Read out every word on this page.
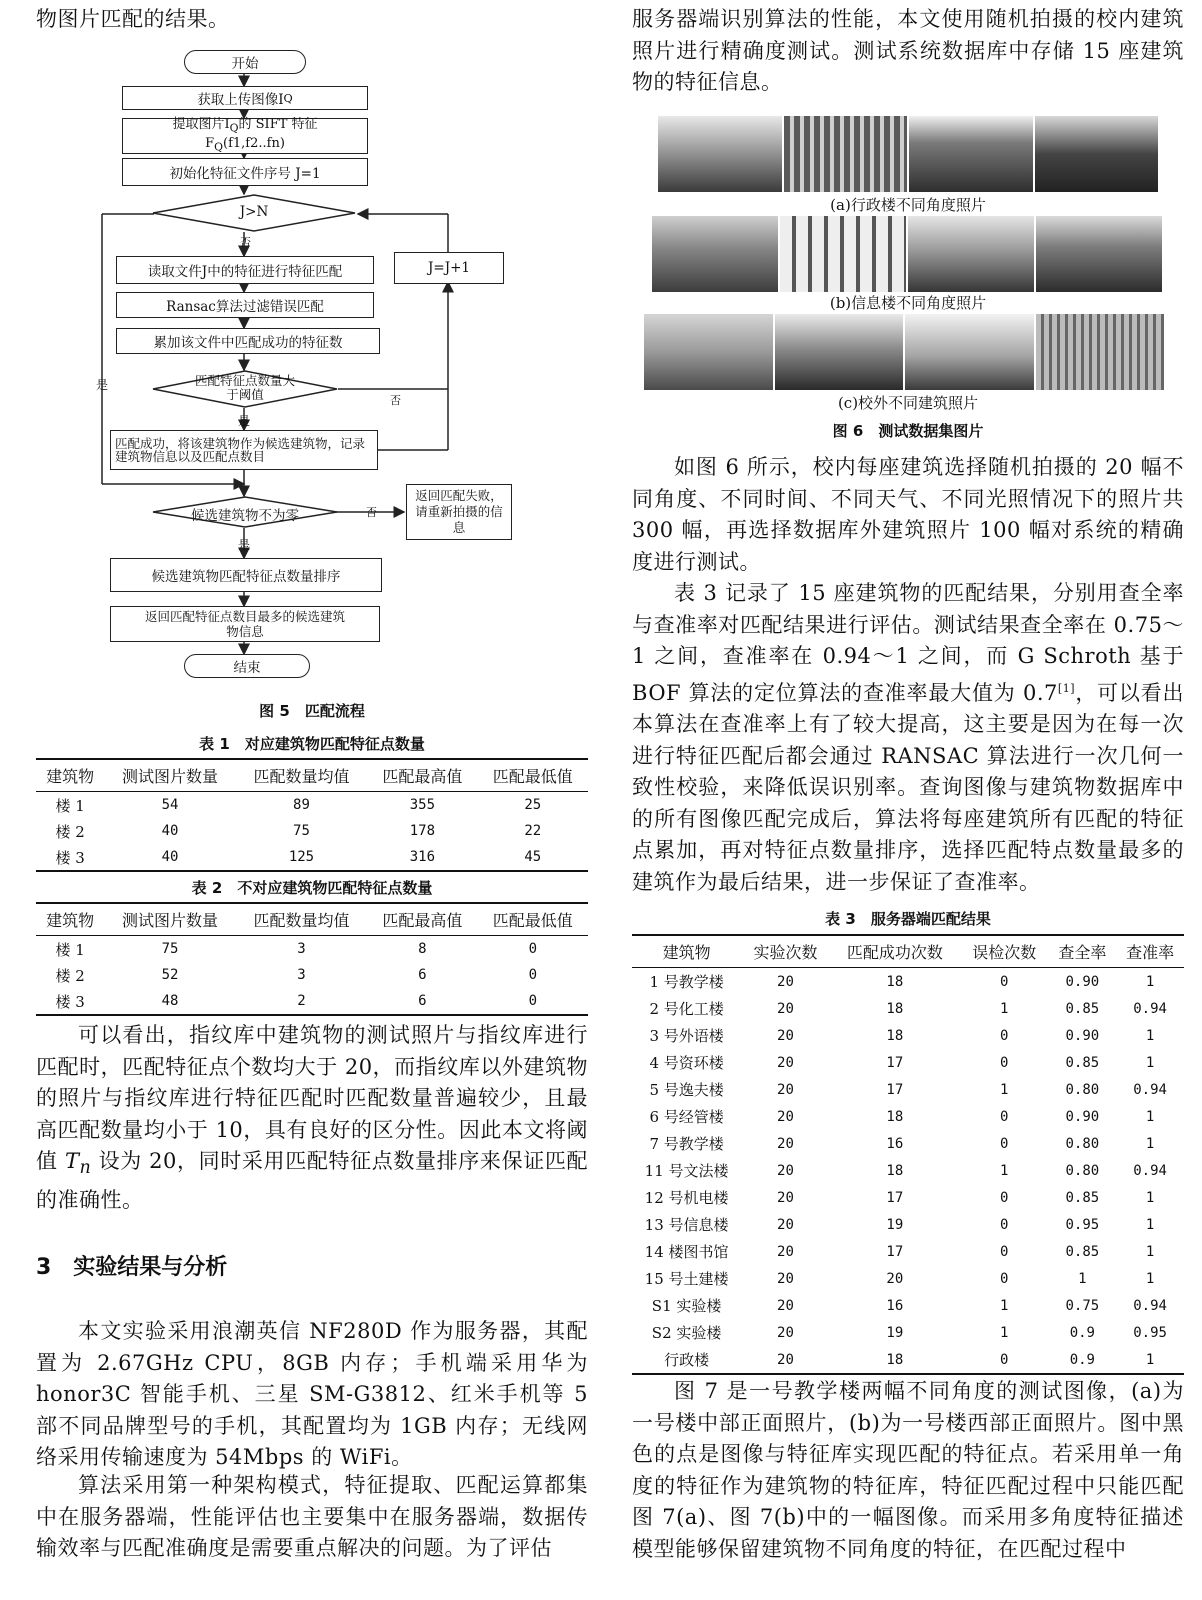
物图片匹配的结果。

开始
获取上传图像I Q
提取图片$I_Q$的 SIFT 特征
$F_Q(f1,f2..fn)$
初始化特征文件序号 J=1
J>N
否
读取文件J中的特征进行特征匹配	J=J+1
Ransac算法过滤错误匹配
累加该文件中匹配成功的特征数
匹配特征点数量大于阈值	否
是
是
匹配成功，将该建筑物作为候选建筑物，记录建筑物信息以及匹配点数目
候选建筑物不为零	否
返回匹配失败，请重新拍摄的信息
是
候选建筑物匹配特征点数量排序
返回匹配特征点数目最多的候选建筑物信息
结束

图 5　匹配流程

表 1　对应建筑物匹配特征点数量

建筑物	测试图片数量	匹配数量均值	匹配最高值	匹配最低值
楼 1	54	89	355	25
楼 2	40	75	178	22
楼 3	40	125	316	45

表 2　不对应建筑物匹配特征点数量

建筑物	测试图片数量	匹配数量均值	匹配最高值	匹配最低值
楼 1	75	3	8	0
楼 2	52	3	6	0
楼 3	48	2	6	0

可以看出，指纹库中建筑物的测试照片与指纹库进行匹配时，匹配特征点个数均大于 20，而指纹库以外建筑物的照片与指纹库进行特征匹配时匹配数量普遍较少，且最高匹配数量均小于 10，具有良好的区分性。因此本文将阈值 $T_n$ 设为 20，同时采用匹配特征点数量排序来保证匹配的准确性。

3　实验结果与分析

本文实验采用浪潮英信 NF280D 作为服务器，其配置为 2.67GHz CPU，8GB 内存；手机端采用华为 honor3C 智能手机、三星 SM-G3812、红米手机等 5 部不同品牌型号的手机，其配置均为 1GB 内存；无线网络采用传输速度为 54Mbps 的 WiFi。

算法采用第一种架构模式，特征提取、匹配运算都集中在服务器端，性能评估也主要集中在服务器端，数据传输效率与匹配准确度是需要重点解决的问题。为了评估

服务器端识别算法的性能，本文使用随机拍摄的校内建筑照片进行精确度测试。测试系统数据库中存储 15 座建筑物的特征信息。

(a)行政楼不同角度照片

(b)信息楼不同角度照片

(c)校外不同建筑照片

图 6　测试数据集图片

如图 6 所示，校内每座建筑选择随机拍摄的 20 幅不同角度、不同时间、不同天气、不同光照情况下的照片共 300 幅，再选择数据库外建筑照片 100 幅对系统的精确度进行测试。

表 3 记录了 15 座建筑物的匹配结果，分别用查全率与查准率对匹配结果进行评估。测试结果查全率在 0.75～1 之间，查准率在 0.94～1 之间，而 G Schroth 基于 BOF 算法的定位算法的查准率最大值为 0.7[1]，可以看出本算法在查准率上有了较大提高，这主要是因为在每一次进行特征匹配后都会通过 RANSAC 算法进行一次几何一致性校验，来降低误识别率。查询图像与建筑物数据库中的所有图像匹配完成后，算法将每座建筑所有匹配的特征点累加，再对特征点数量排序，选择匹配特点数量最多的建筑作为最后结果，进一步保证了查准率。

表 3　服务器端匹配结果

建筑物	实验次数	匹配成功次数	误检次数	查全率	查准率
1 号教学楼	20	18	0	0.90	1
2 号化工楼	20	18	1	0.85	0.94
3 号外语楼	20	18	0	0.90	1
4 号资环楼	20	17	0	0.85	1
5 号逸夫楼	20	17	1	0.80	0.94
6 号经管楼	20	18	0	0.90	1
7 号教学楼	20	16	0	0.80	1
11 号文法楼	20	18	1	0.80	0.94
12 号机电楼	20	17	0	0.85	1
13 号信息楼	20	19	0	0.95	1
14 楼图书馆	20	17	0	0.85	1
15 号土建楼	20	20	0	1	1
S1 实验楼	20	16	1	0.75	0.94
S2 实验楼	20	19	1	0.9	0.95
行政楼	20	18	0	0.9	1

图 7 是一号教学楼两幅不同角度的测试图像，(a)为一号楼中部正面照片，(b)为一号楼西部正面照片。图中黑色的点是图像与特征库实现匹配的特征点。若采用单一角度的特征作为建筑物的特征库，特征匹配过程中只能匹配图 7(a)、图 7(b)中的一幅图像。而采用多角度特征描述模型能够保留建筑物不同角度的特征，在匹配过程中
